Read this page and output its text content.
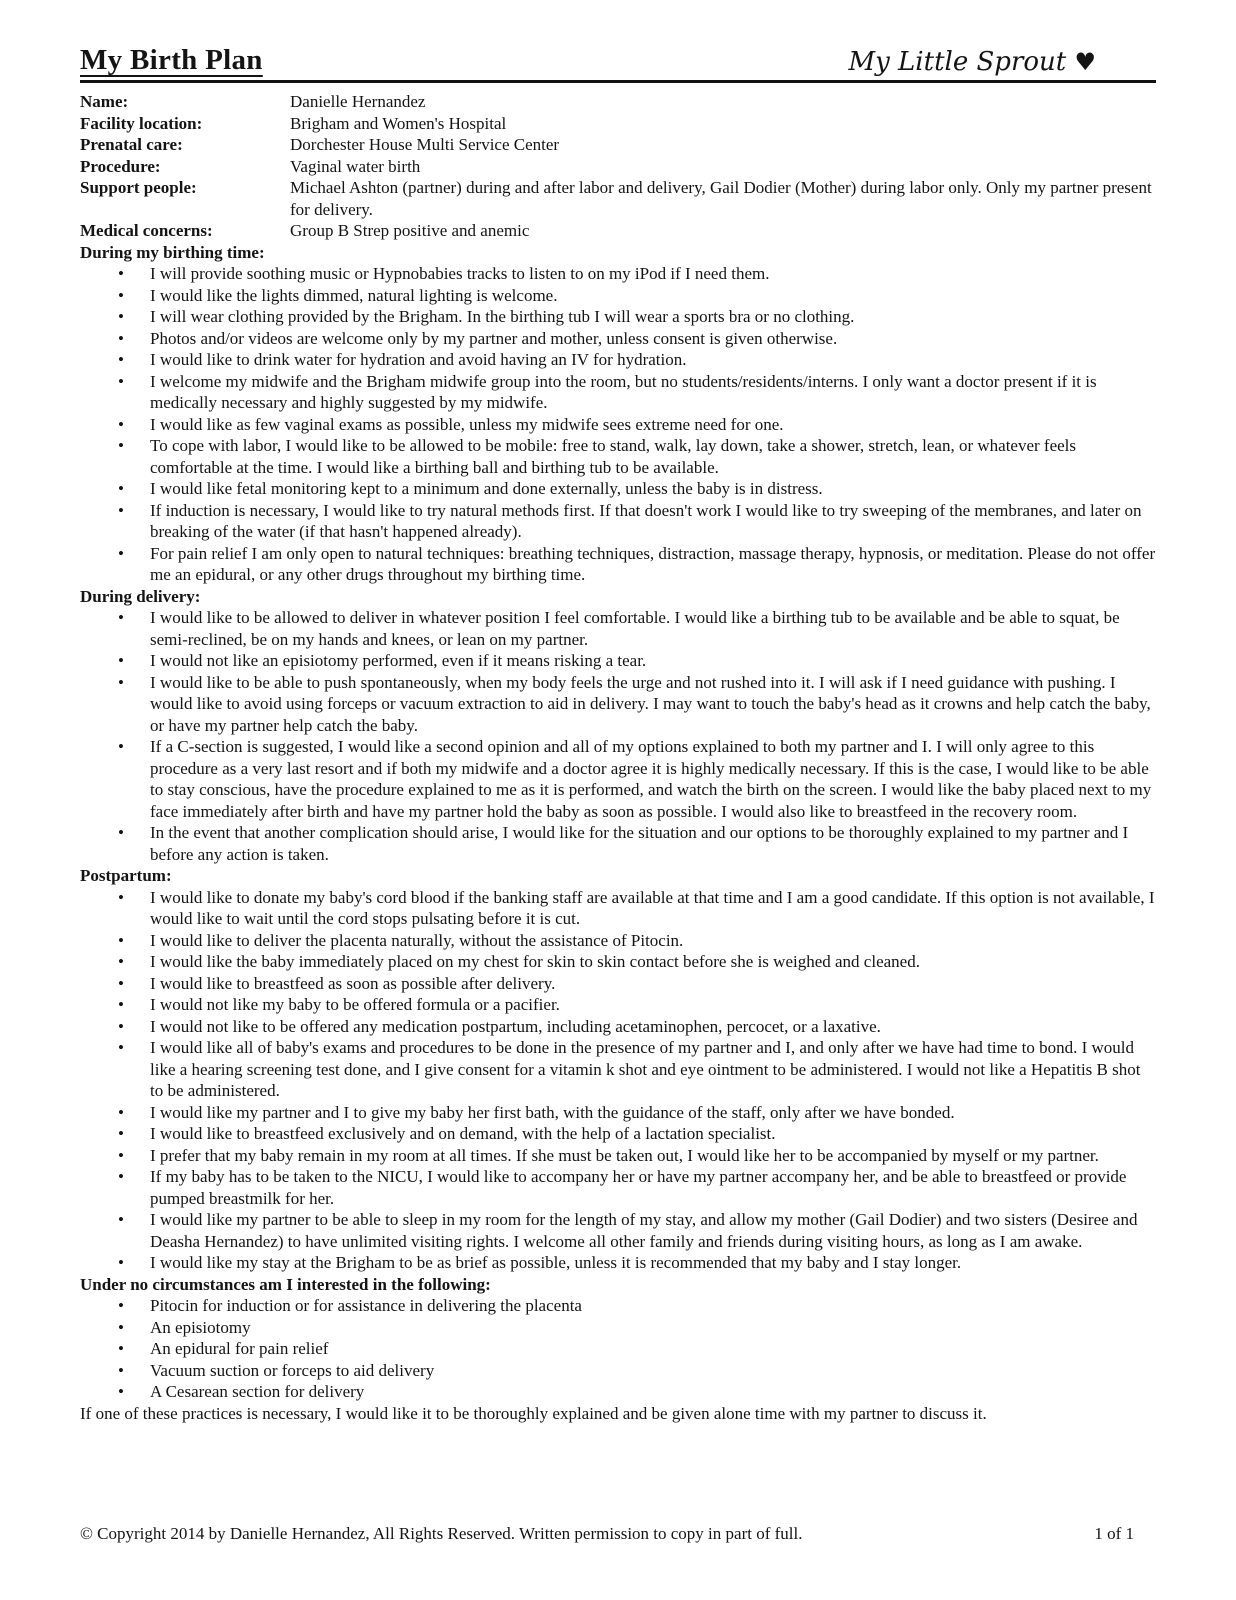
My Birth Plan	My Little Sprout ♥
Name:	Danielle Hernandez
Facility location:	Brigham and Women's Hospital
Prenatal care:	Dorchester House Multi Service Center
Procedure:	Vaginal water birth
Support people:	Michael Ashton (partner) during and after labor and delivery, Gail Dodier (Mother) during labor only. Only my partner present for delivery.
Medical concerns:	Group B Strep positive and anemic
During my birthing time:
• I will provide soothing music or Hypnobabies tracks to listen to on my iPod if I need them.
• I would like the lights dimmed, natural lighting is welcome.
• I will wear clothing provided by the Brigham. In the birthing tub I will wear a sports bra or no clothing.
• Photos and/or videos are welcome only by my partner and mother, unless consent is given otherwise.
• I would like to drink water for hydration and avoid having an IV for hydration.
• I welcome my midwife and the Brigham midwife group into the room, but no students/residents/interns. I only want a doctor present if it is medically necessary and highly suggested by my midwife.
• I would like as few vaginal exams as possible, unless my midwife sees extreme need for one.
• To cope with labor, I would like to be allowed to be mobile: free to stand, walk, lay down, take a shower, stretch, lean, or whatever feels comfortable at the time. I would like a birthing ball and birthing tub to be available.
• I would like fetal monitoring kept to a minimum and done externally, unless the baby is in distress.
• If induction is necessary, I would like to try natural methods first. If that doesn't work I would like to try sweeping of the membranes, and later on breaking of the water (if that hasn't happened already).
• For pain relief I am only open to natural techniques: breathing techniques, distraction, massage therapy, hypnosis, or meditation. Please do not offer me an epidural, or any other drugs throughout my birthing time.
During delivery:
• I would like to be allowed to deliver in whatever position I feel comfortable. I would like a birthing tub to be available and be able to squat, be semi-reclined, be on my hands and knees, or lean on my partner.
• I would not like an episiotomy performed, even if it means risking a tear.
• I would like to be able to push spontaneously, when my body feels the urge and not rushed into it. I will ask if I need guidance with pushing. I would like to avoid using forceps or vacuum extraction to aid in delivery. I may want to touch the baby's head as it crowns and help catch the baby, or have my partner help catch the baby.
• If a C-section is suggested, I would like a second opinion and all of my options explained to both my partner and I. I will only agree to this procedure as a very last resort and if both my midwife and a doctor agree it is highly medically necessary. If this is the case, I would like to be able to stay conscious, have the procedure explained to me as it is performed, and watch the birth on the screen. I would like the baby placed next to my face immediately after birth and have my partner hold the baby as soon as possible. I would also like to breastfeed in the recovery room.
• In the event that another complication should arise, I would like for the situation and our options to be thoroughly explained to my partner and I before any action is taken.
Postpartum:
• I would like to donate my baby's cord blood if the banking staff are available at that time and I am a good candidate. If this option is not available, I would like to wait until the cord stops pulsating before it is cut.
• I would like to deliver the placenta naturally, without the assistance of Pitocin.
• I would like the baby immediately placed on my chest for skin to skin contact before she is weighed and cleaned.
• I would like to breastfeed as soon as possible after delivery.
• I would not like my baby to be offered formula or a pacifier.
• I would not like to be offered any medication postpartum, including acetaminophen, percocet, or a laxative.
• I would like all of baby's exams and procedures to be done in the presence of my partner and I, and only after we have had time to bond. I would like a hearing screening test done, and I give consent for a vitamin k shot and eye ointment to be administered. I would not like a Hepatitis B shot to be administered.
• I would like my partner and I to give my baby her first bath, with the guidance of the staff, only after we have bonded.
• I would like to breastfeed exclusively and on demand, with the help of a lactation specialist.
• I prefer that my baby remain in my room at all times. If she must be taken out, I would like her to be accompanied by myself or my partner.
• If my baby has to be taken to the NICU, I would like to accompany her or have my partner accompany her, and be able to breastfeed or provide pumped breastmilk for her.
• I would like my partner to be able to sleep in my room for the length of my stay, and allow my mother (Gail Dodier) and two sisters (Desiree and Deasha Hernandez) to have unlimited visiting rights. I welcome all other family and friends during visiting hours, as long as I am awake.
• I would like my stay at the Brigham to be as brief as possible, unless it is recommended that my baby and I stay longer.
Under no circumstances am I interested in the following:
• Pitocin for induction or for assistance in delivering the placenta
• An episiotomy
• An epidural for pain relief
• Vacuum suction or forceps to aid delivery
• A Cesarean section for delivery

If one of these practices is necessary, I would like it to be thoroughly explained and be given alone time with my partner to discuss it.

© Copyright 2014 by Danielle Hernandez, All Rights Reserved. Written permission to copy in part of full.	1 of 1
